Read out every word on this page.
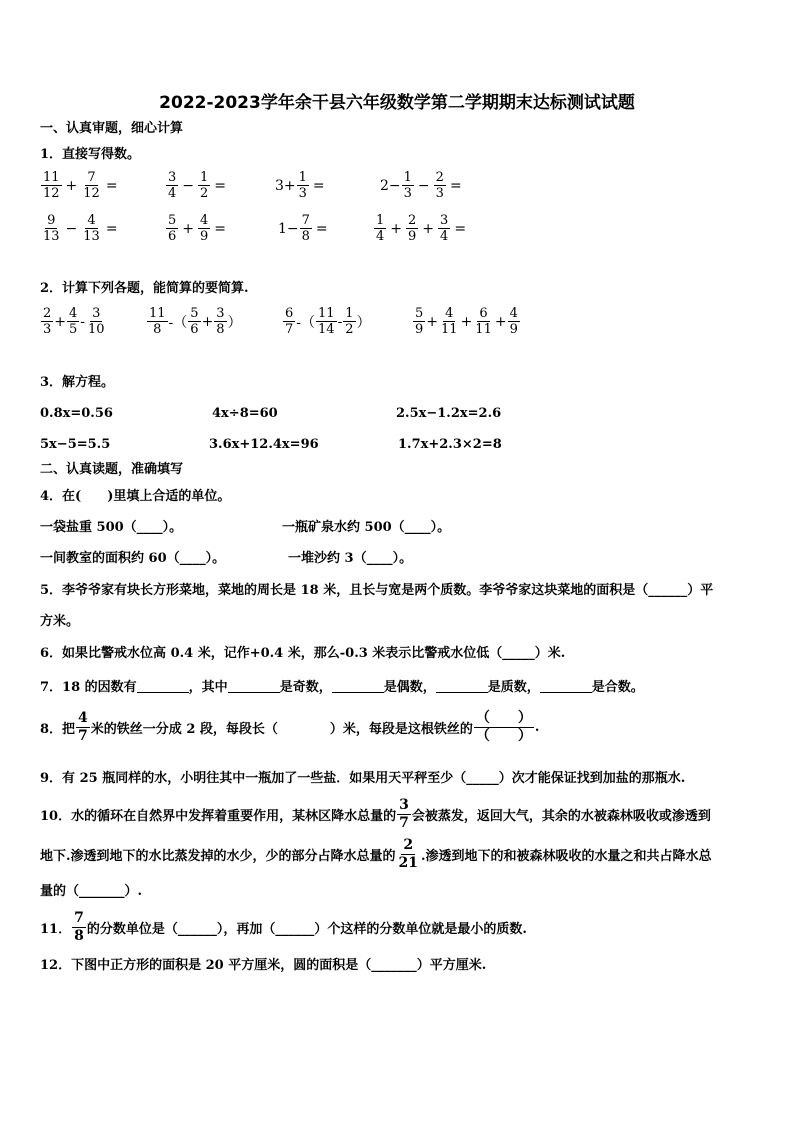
2022-2023学年余干县六年级数学第二学期期末达标测试试题
一、认真审题，细心计算
1．直接写得数。
$\frac{11}{12} + \frac{7}{12}$ =	$\frac{3}{4} - \frac{1}{2}$ =	$3+ \frac{1}{3}$ =	$2- \frac{1}{3} - \frac{2}{3}$ =
$\frac{9}{13} - \frac{4}{13}$ =	$\frac{5}{6} + \frac{4}{9}$ =	$1- \frac{7}{8}$ =	$\frac{1}{4} + \frac{2}{9} + \frac{3}{4}$ =
2．计算下列各题，能简算的要简算.
$\frac{2}{3} + \frac{4}{5} - \frac{3}{10}$	$\frac{11}{8}$ -（ $\frac{5}{6} + \frac{3}{8}$ ）	$\frac{6}{7}$ -（ $\frac{11}{14} - \frac{1}{2}$ ）	$\frac{5}{9} + \frac{4}{11} + \frac{6}{11} + \frac{4}{9}$
3．解方程。
0.8x=0.56	4x÷8=60	2.5x−1.2x=2.6
5x−5=5.5	3.6x+12.4x=96	1.7x+2.3×2=8
二、认真读题，准确填写
4．在(　　)里填上合适的单位。
一袋盐重 500（____）。	一瓶矿泉水约 500（____）。
一间教室的面积约 60（____）。	一堆沙约 3（____）。
5．李爷爷家有块长方形菜地，菜地的周长是 18 米，且长与宽是两个质数。李爷爷家这块菜地的面积是（______）平
方米。
6．如果比警戒水位高 0.4 米，记作+0.4 米，那么-0.3 米表示比警戒水位低（_____）米.
7．18 的因数有	，其中	是奇数，	是偶数，	是质数，	是合数。
8．把 $\frac{4}{7}$ 米的铁丝一分成 2 段，每段长（　　　　）米，每段是这根铁丝的 $\frac{( )}{( )}$ .
9．有 25 瓶同样的水，小明往其中一瓶加了一些盐．如果用天平秤至少（_____）次才能保证找到加盐的那瓶水.
10．水的循环在自然界中发挥着重要作用，某林区降水总量的 $\frac{3}{7}$ 会被蒸发，返回大气，其余的水被森林吸收或渗透到
地下.渗透到地下的水比蒸发掉的水少，少的部分占降水总量的 $\frac{2}{21}$ .渗透到地下的和被森林吸收的水量之和共占降水总
量的（_______）.
11． $\frac{7}{8}$ 的分数单位是（______），再加（______）个这样的分数单位就是最小的质数.
12．下图中正方形的面积是 20 平方厘米，圆的面积是（_______）平方厘米.
